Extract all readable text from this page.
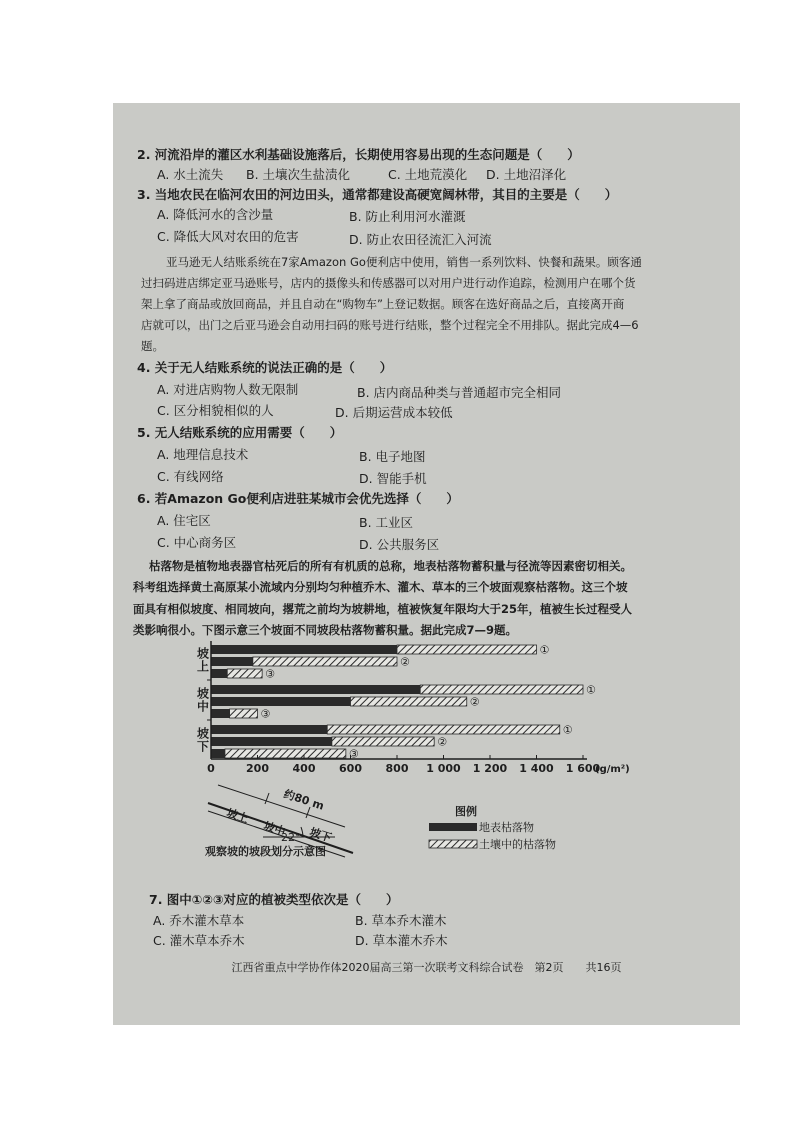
2. 河流沿岸的灌区水利基础设施落后，长期使用容易出现的生态问题是（　　）
A. 水土流失 B. 土壤次生盐渍化	C. 土地荒漠化 D. 土地沼泽化
3. 当地农民在临河农田的河边田头，通常都建设高硬宽阔林带，其目的主要是（　　）
A. 降低河水的含沙量	B. 防止利用河水灌溉
C. 降低大风对农田的危害	D. 防止农田径流汇入河流
亚马逊无人结账系统在7家Amazon Go便利店中使用，销售一系列饮料、快餐和蔬果。顾客通
过扫码进店绑定亚马逊账号，店内的摄像头和传感器可以对用户进行动作追踪，检测用户在哪个货
架上拿了商品或放回商品，并且自动在“购物车”上登记数据。顾客在选好商品之后，直接离开商
店就可以，出门之后亚马逊会自动用扫码的账号进行结账，整个过程完全不用排队。据此完成4—6
题。
4. 关于无人结账系统的说法正确的是（　　）
A. 对进店购物人数无限制	B. 店内商品种类与普通超市完全相同
C. 区分相貌相似的人	D. 后期运营成本较低
5. 无人结账系统的应用需要（　　）
A. 地理信息技术	B. 电子地图
C. 有线网络	D. 智能手机
6. 若Amazon Go便利店进驻某城市会优先选择（　　）
A. 住宅区	B. 工业区
C. 中心商务区	D. 公共服务区
枯落物是植物地表器官枯死后的所有有机质的总称，地表枯落物蓄积量与径流等因素密切相关。
科考组选择黄土高原某小流域内分别均匀种植乔木、灌木、草本的三个坡面观察枯落物。这三个坡
面具有相似坡度、相同坡向，撂荒之前均为坡耕地，植被恢复年限均大于25年，植被生长过程受人
类影响很小。下图示意三个坡面不同坡段枯落物蓄积量。据此完成7—9题。
坡
上
①
②
③
坡
中
①
②
③
坡
下
①
②
③
0	200 400 600 800 1 000 1 200 1 400 1 600
(g/m²)
约80 m
22°
坡上
坡中 坡下
观察坡的坡段划分示意图
图例
地表枯落物
土壤中的枯落物
7. 图中①②③对应的植被类型依次是（　　）
A. 乔木灌木草本	B. 草本乔木灌木
C. 灌木草本乔木	D. 草本灌木乔木
江西省重点中学协作体2020届高三第一次联考文科综合试卷　第2页　　共16页
